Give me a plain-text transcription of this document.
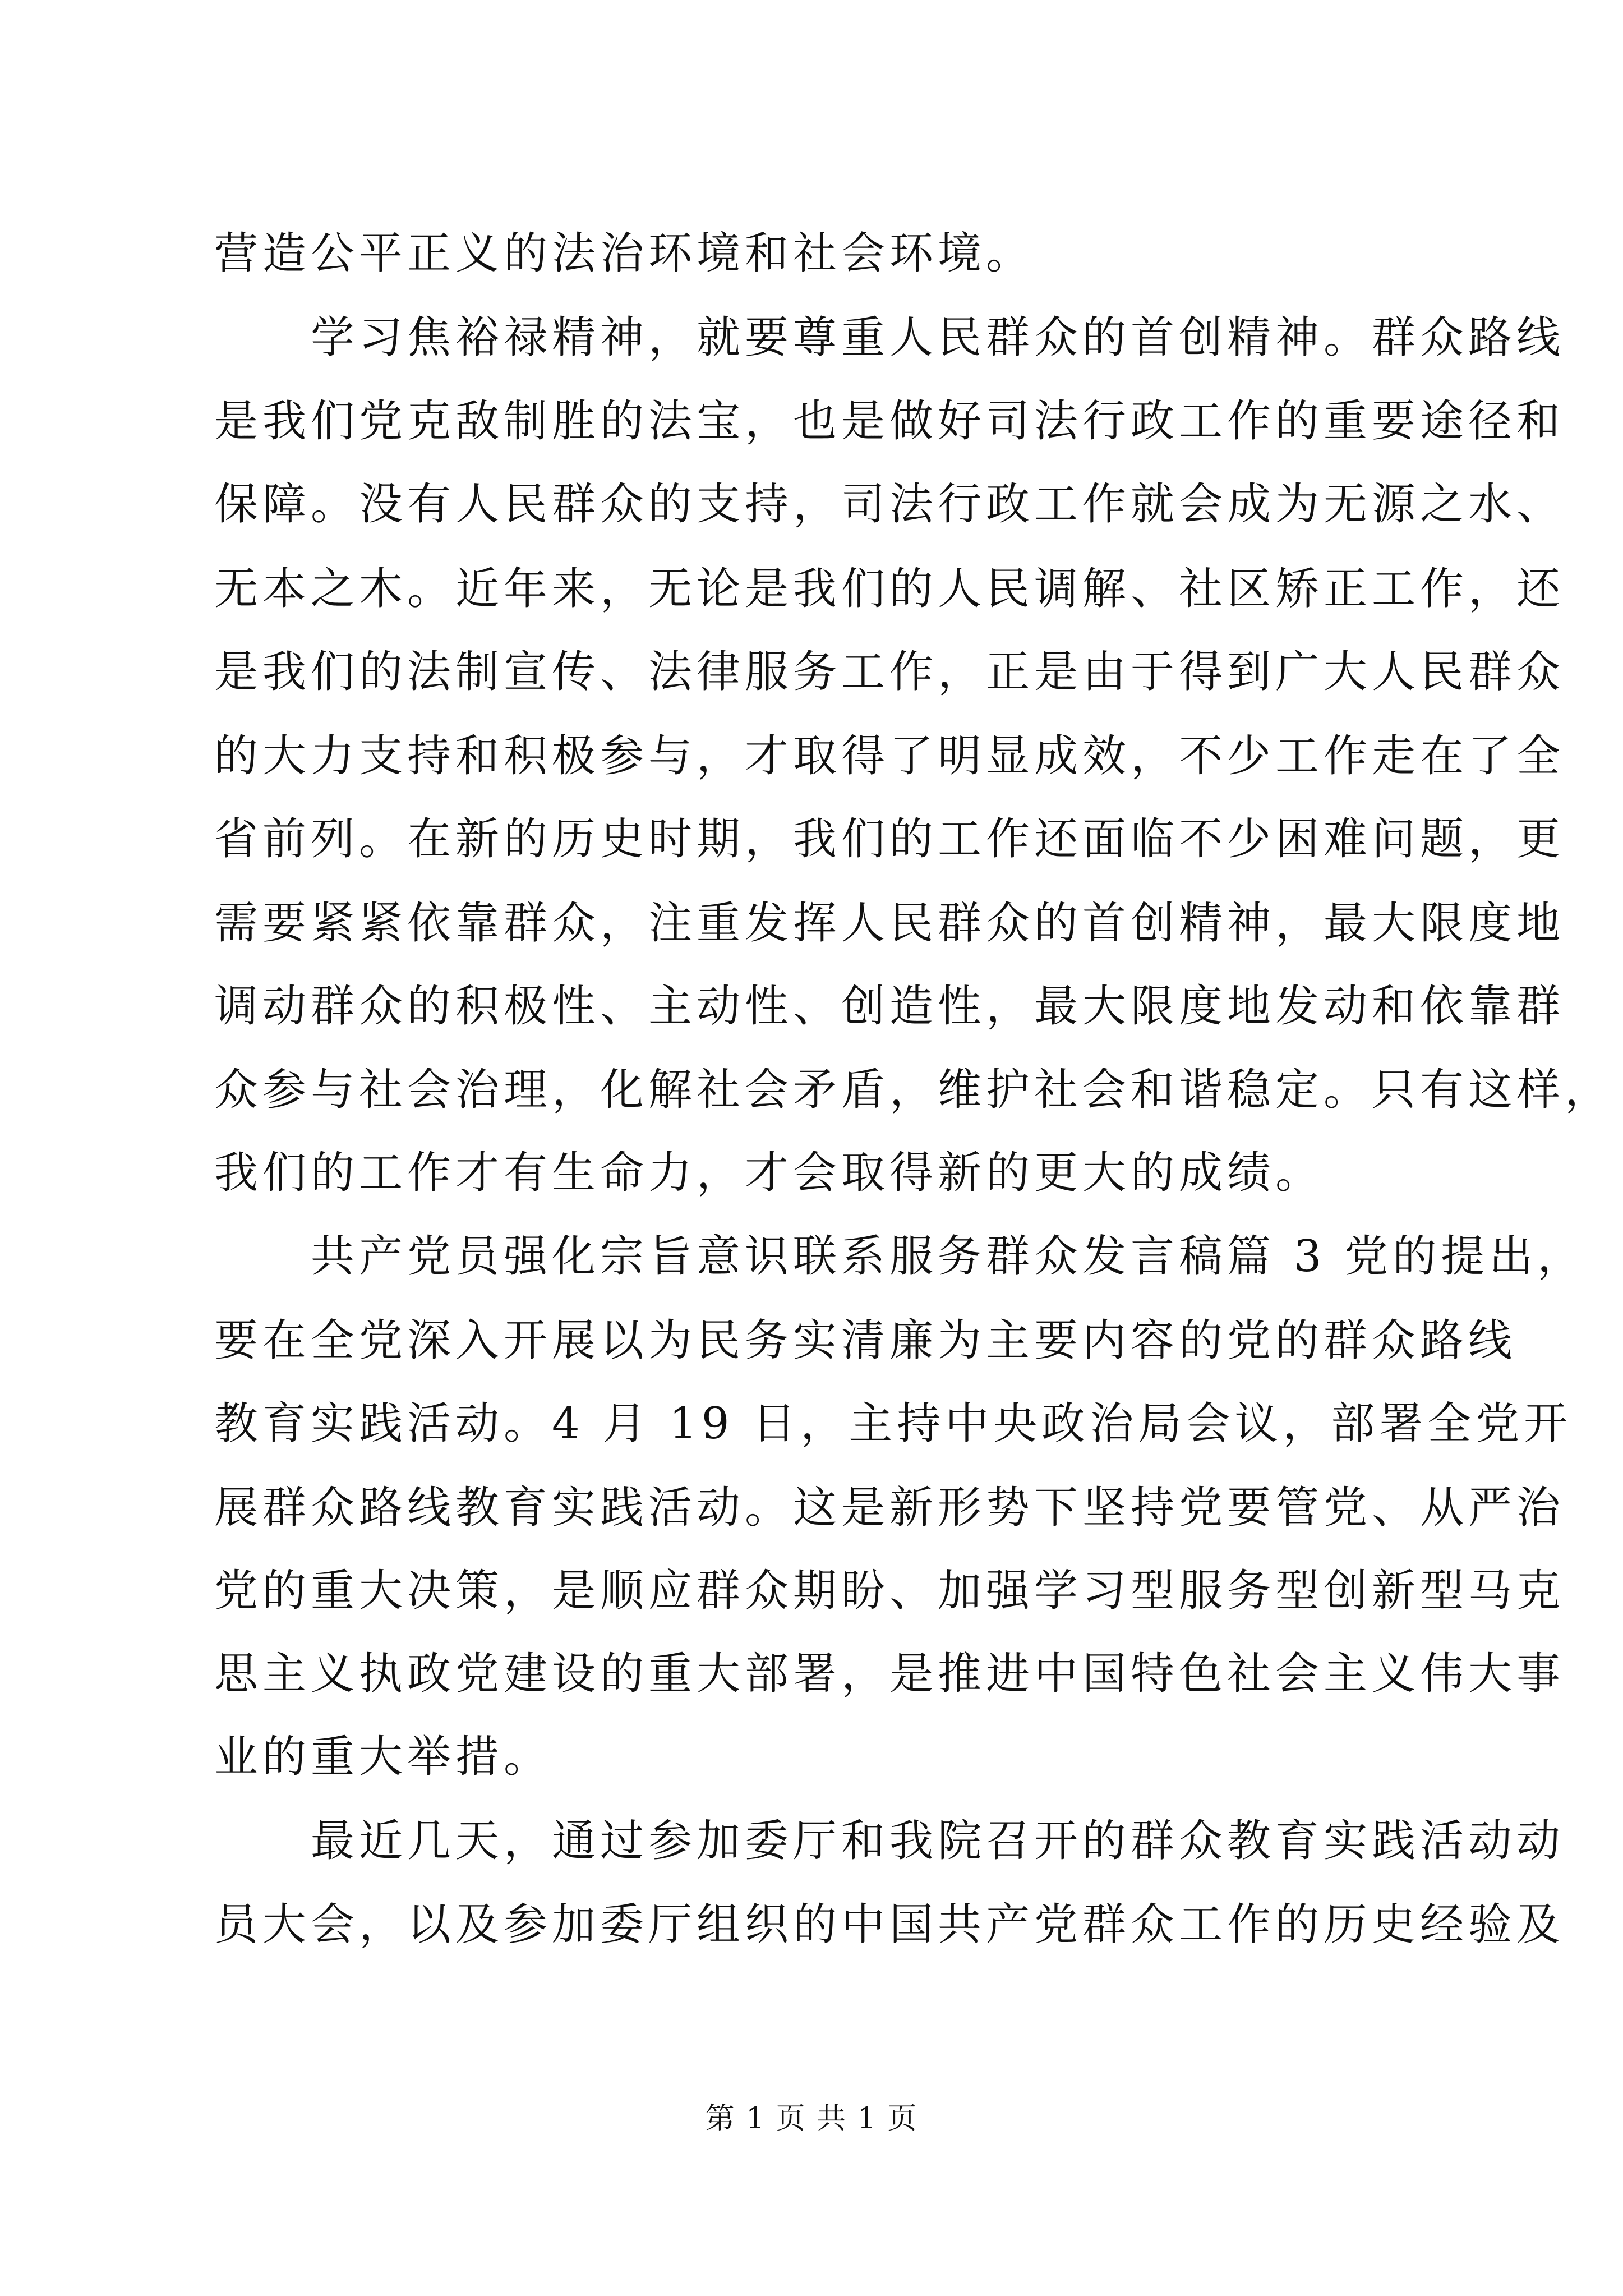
营造公平正义的法治环境和社会环境。
　　学习焦裕禄精神，就要尊重人民群众的首创精神。群众路线
是我们党克敌制胜的法宝，也是做好司法行政工作的重要途径和
保障。没有人民群众的支持，司法行政工作就会成为无源之水、
无本之木。近年来，无论是我们的人民调解、社区矫正工作，还
是我们的法制宣传、法律服务工作，正是由于得到广大人民群众
的大力支持和积极参与，才取得了明显成效，不少工作走在了全
省前列。在新的历史时期，我们的工作还面临不少困难问题，更
需要紧紧依靠群众，注重发挥人民群众的首创精神，最大限度地
调动群众的积极性、主动性、创造性，最大限度地发动和依靠群
众参与社会治理，化解社会矛盾，维护社会和谐稳定。只有这样，
我们的工作才有生命力，才会取得新的更大的成绩。
　　共产党员强化宗旨意识联系服务群众发言稿篇 3 党的提出，
要在全党深入开展以为民务实清廉为主要内容的党的群众路线
教育实践活动。4 月 19 日，主持中央政治局会议，部署全党开
展群众路线教育实践活动。这是新形势下坚持党要管党、从严治
党的重大决策，是顺应群众期盼、加强学习型服务型创新型马克
思主义执政党建设的重大部署，是推进中国特色社会主义伟大事
业的重大举措。
　　最近几天，通过参加委厅和我院召开的群众教育实践活动动
员大会，以及参加委厅组织的中国共产党群众工作的历史经验及
第 1 页 共 1 页
